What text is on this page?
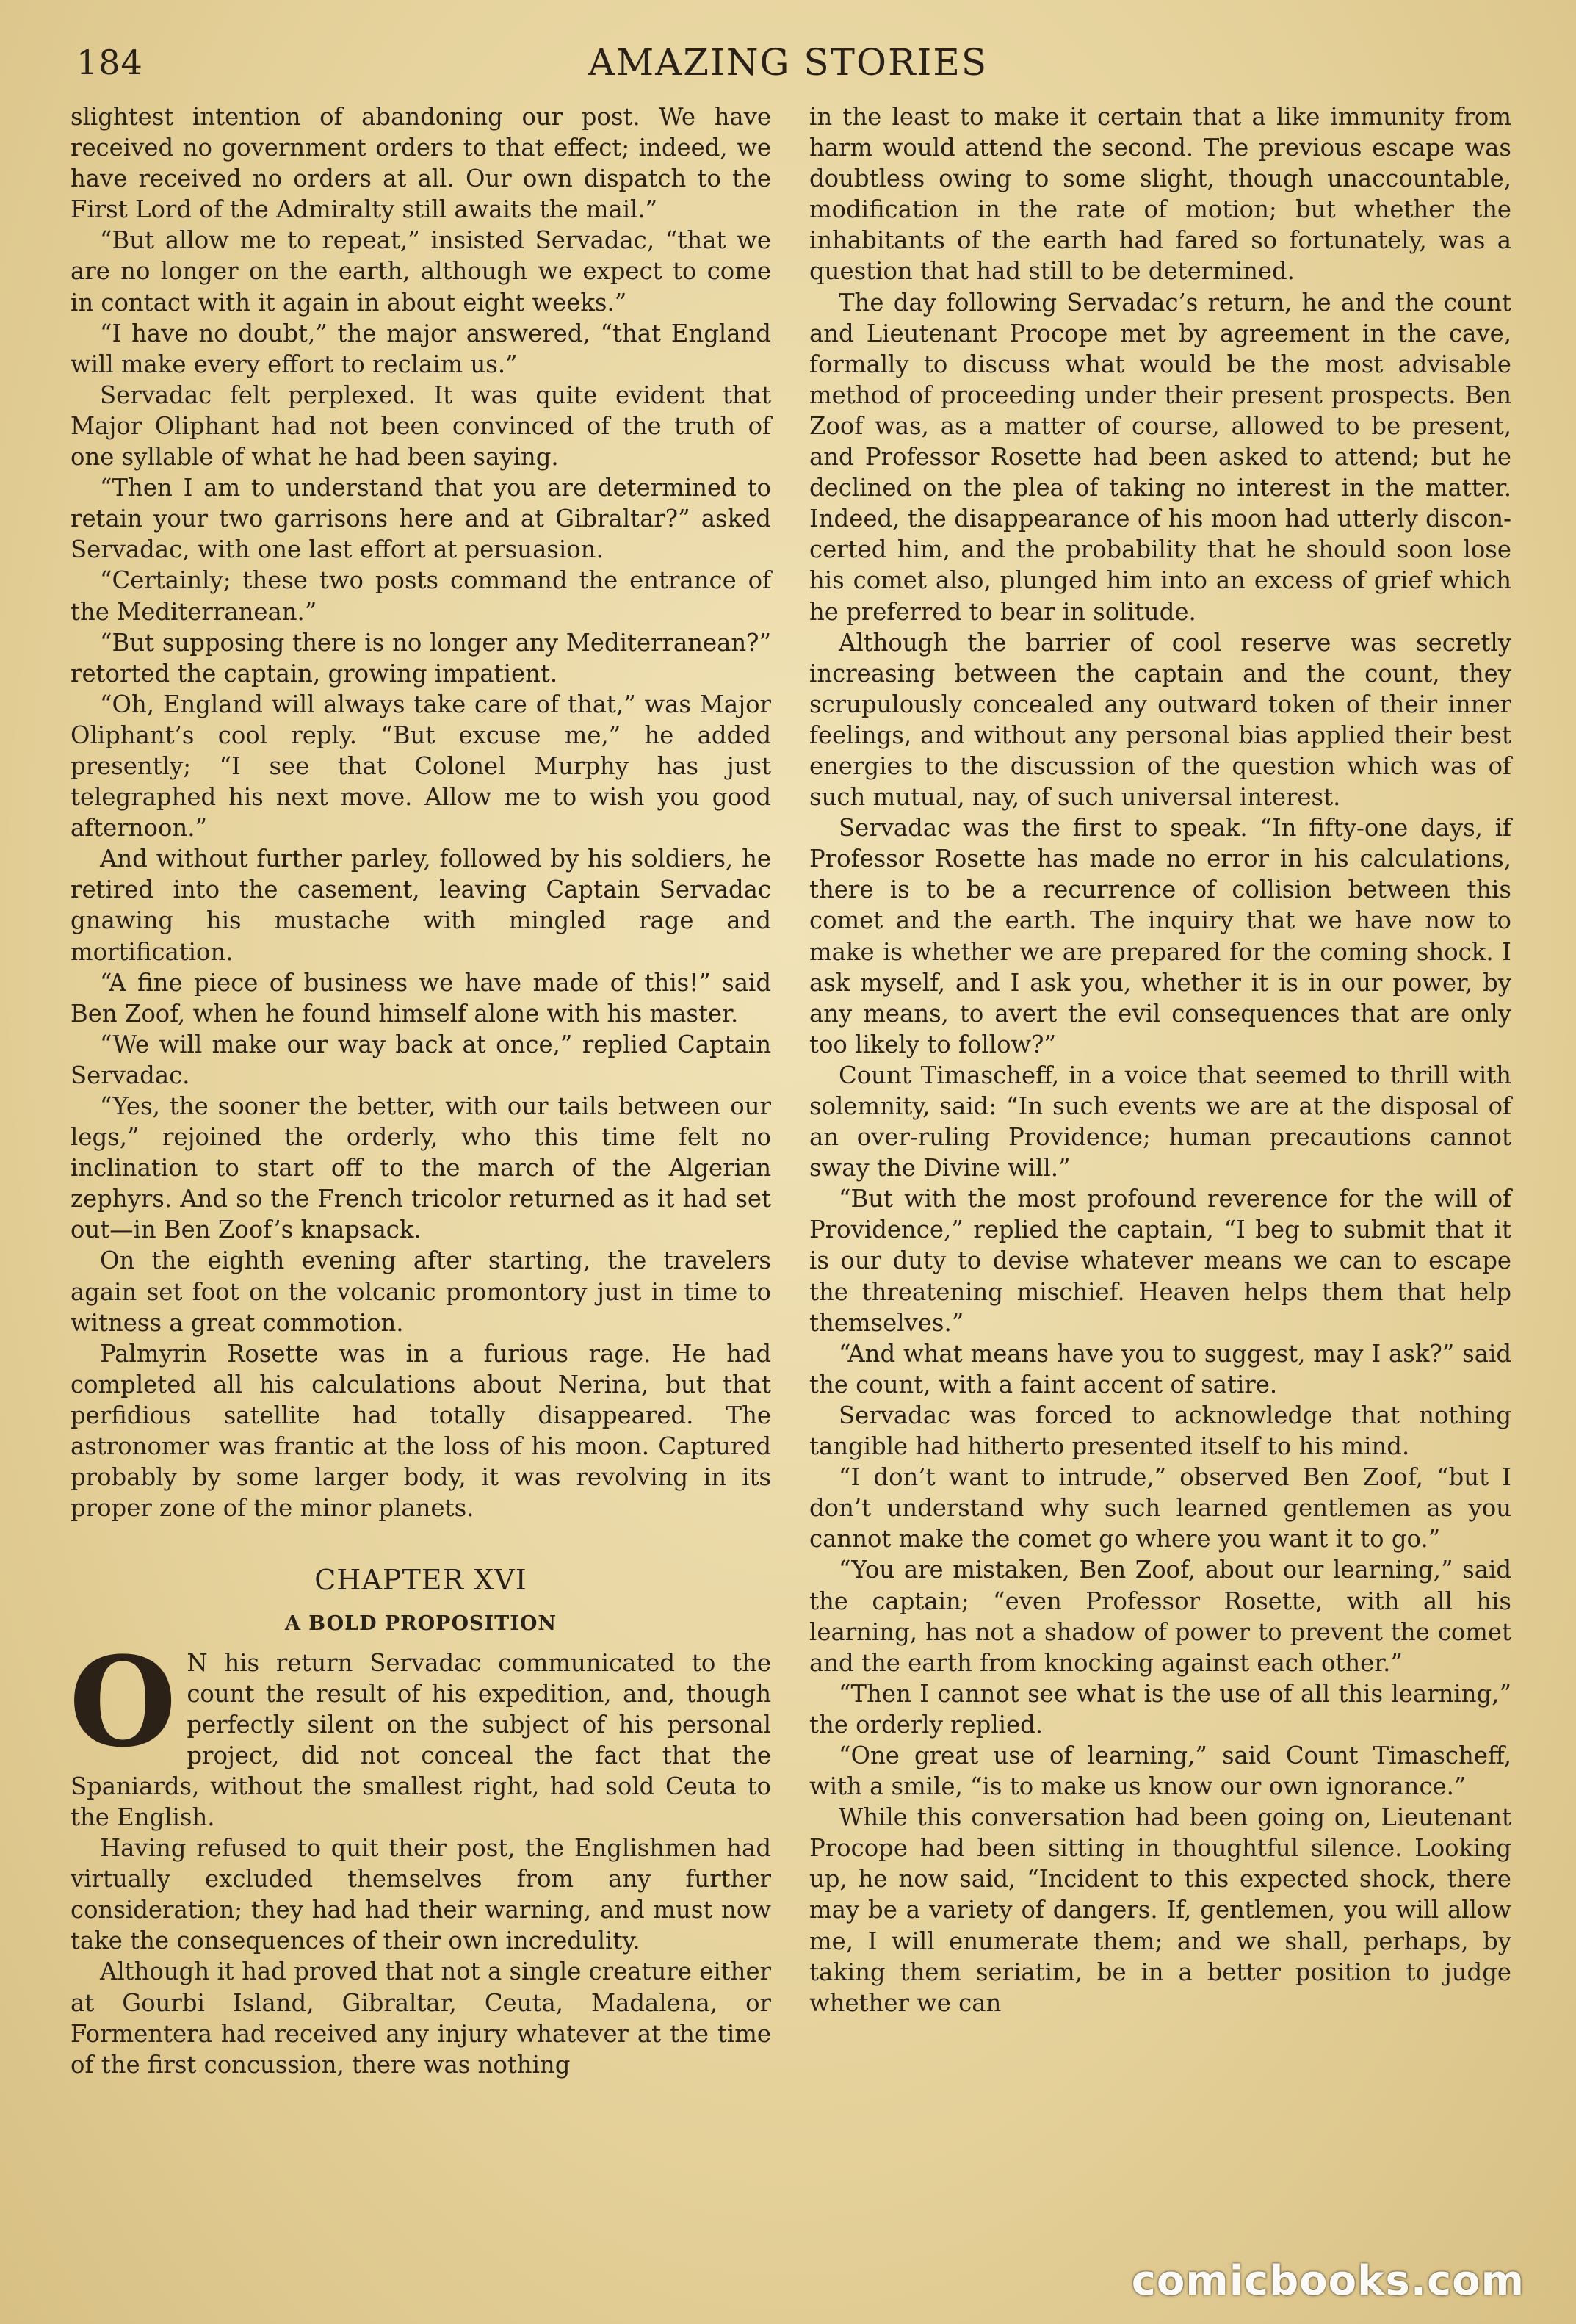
184	AMAZING STORIES

slightest intention of abandoning our post. We have received no government orders to that effect; indeed, we have received no orders at all. Our own dispatch to the First Lord of the Admiralty still awaits the mail.”

“But allow me to repeat,” insisted Servadac, “that we are no longer on the earth, although we expect to come in contact with it again in about eight weeks.”

“I have no doubt,” the major answered, “that England will make every effort to reclaim us.”

Servadac felt perplexed. It was quite evident that Major Oliphant had not been convinced of the truth of one syllable of what he had been saying.

“Then I am to understand that you are determined to retain your two garrisons here and at Gibraltar?” asked Servadac, with one last effort at persuasion.

“Certainly; these two posts command the entrance of the Mediterranean.”

“But supposing there is no longer any Mediterranean?” retorted the captain, growing impatient.

“Oh, England will always take care of that,” was Major Oliphant’s cool reply. “But excuse me,” he added presently; “I see that Colonel Murphy has just telegraphed his next move. Allow me to wish you good afternoon.”

And without further parley, followed by his soldiers, he retired into the casement, leaving Captain Servadac gnawing his mustache with mingled rage and mortification.

“A fine piece of business we have made of this!” said Ben Zoof, when he found himself alone with his master.

“We will make our way back at once,” replied Captain Servadac.

“Yes, the sooner the better, with our tails between our legs,” rejoined the orderly, who this time felt no inclination to start off to the march of the Algerian zephyrs. And so the French tricolor returned as it had set out—in Ben Zoof’s knapsack.

On the eighth evening after starting, the travelers again set foot on the volcanic promontory just in time to witness a great commotion.

Palmyrin Rosette was in a furious rage. He had completed all his calculations about Nerina, but that perfidious satellite had totally disappeared. The astronomer was frantic at the loss of his moon. Captured probably by some larger body, it was revolving in its proper zone of the minor planets.

CHAPTER XVI
A BOLD PROPOSITION

O N his return Servadac communicated to the count the result of his expedition, and, though perfectly silent on the subject of his personal project, did not conceal the fact that the Spaniards, without the smallest right, had sold Ceuta to the English.

Having refused to quit their post, the Englishmen had virtually excluded themselves from any further consideration; they had had their warning, and must now take the consequences of their own incredulity.

Although it had proved that not a single creature either at Gourbi Island, Gibraltar, Ceuta, Madalena, or Formentera had received any injury whatever at the time of the first concussion, there was nothing

in the least to make it certain that a like immunity from harm would attend the second. The previous escape was doubtless owing to some slight, though unaccountable, modification in the rate of motion; but whether the inhabitants of the earth had fared so fortunately, was a question that had still to be determined.

The day following Servadac’s return, he and the count and Lieutenant Procope met by agreement in the cave, formally to discuss what would be the most advisable method of proceeding under their present prospects. Ben Zoof was, as a matter of course, allowed to be present, and Professor Rosette had been asked to attend; but he declined on the plea of taking no interest in the matter. Indeed, the disappearance of his moon had utterly disconcerted him, and the probability that he should soon lose his comet also, plunged him into an excess of grief which he preferred to bear in solitude.

Although the barrier of cool reserve was secretly increasing between the captain and the count, they scrupulously concealed any outward token of their inner feelings, and without any personal bias applied their best energies to the discussion of the question which was of such mutual, nay, of such universal interest.

Servadac was the first to speak. “In fifty-one days, if Professor Rosette has made no error in his calculations, there is to be a recurrence of collision between this comet and the earth. The inquiry that we have now to make is whether we are prepared for the coming shock. I ask myself, and I ask you, whether it is in our power, by any means, to avert the evil consequences that are only too likely to follow?”

Count Timascheff, in a voice that seemed to thrill with solemnity, said: “In such events we are at the disposal of an over-ruling Providence; human precautions cannot sway the Divine will.”

“But with the most profound reverence for the will of Providence,” replied the captain, “I beg to submit that it is our duty to devise whatever means we can to escape the threatening mischief. Heaven helps them that help themselves.”

“And what means have you to suggest, may I ask?” said the count, with a faint accent of satire.

Servadac was forced to acknowledge that nothing tangible had hitherto presented itself to his mind.

“I don’t want to intrude,” observed Ben Zoof, “but I don’t understand why such learned gentlemen as you cannot make the comet go where you want it to go.”

“You are mistaken, Ben Zoof, about our learning,” said the captain; “even Professor Rosette, with all his learning, has not a shadow of power to prevent the comet and the earth from knocking against each other.”

“Then I cannot see what is the use of all this learning,” the orderly replied.

“One great use of learning,” said Count Timascheff, with a smile, “is to make us know our own ignorance.”

While this conversation had been going on, Lieutenant Procope had been sitting in thoughtful silence. Looking up, he now said, “Incident to this expected shock, there may be a variety of dangers. If, gentlemen, you will allow me, I will enumerate them; and we shall, perhaps, by taking them seriatim, be in a better position to judge whether we can

comicbooks.com
